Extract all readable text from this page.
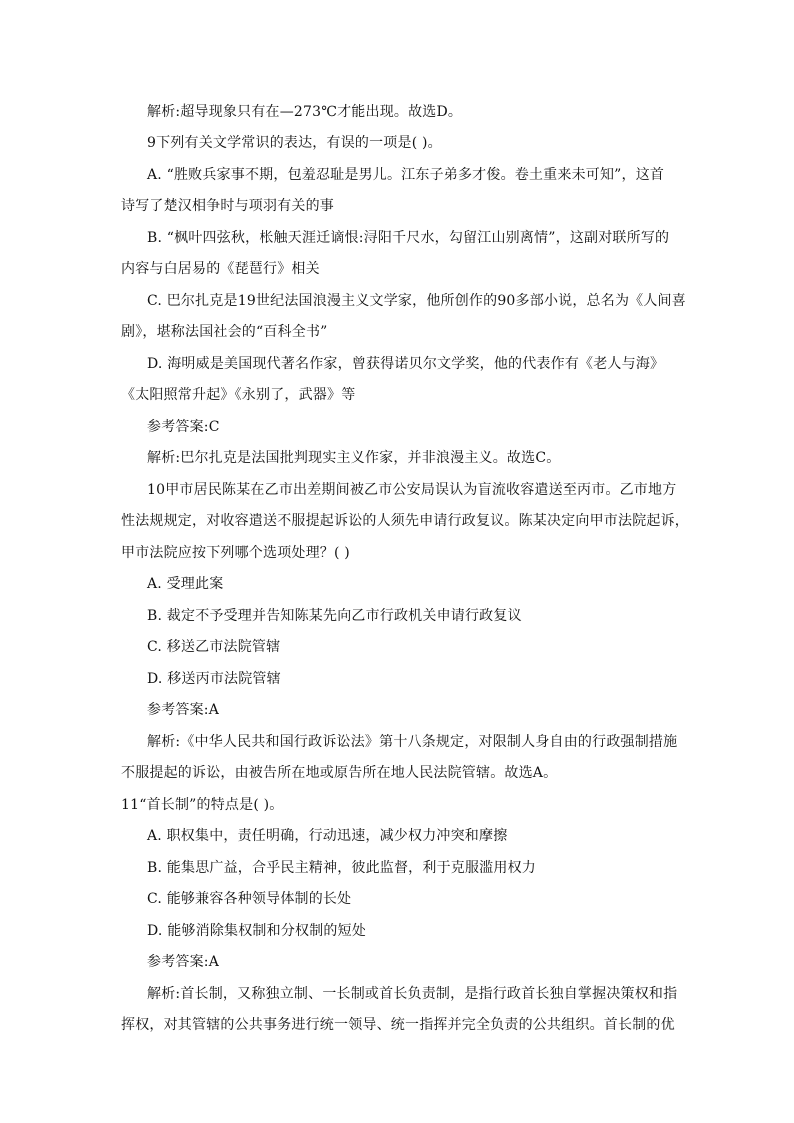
解析:超导现象只有在—273℃才能出现。故选D。
9下列有关文学常识的表达，有误的一项是( )。
A. “胜败兵家事不期，包羞忍耻是男儿。江东子弟多才俊。卷土重来未可知”，这首
诗写了楚汉相争时与项羽有关的事
B. “枫叶四弦秋，枨触天涯迁谪恨:浔阳千尺水，勾留江山别离情”，这副对联所写的
内容与白居易的《琵琶行》相关
C. 巴尔扎克是19世纪法国浪漫主义文学家，他所创作的90多部小说，总名为《人间喜
剧》，堪称法国社会的“百科全书”
D. 海明威是美国现代著名作家，曾获得诺贝尔文学奖，他的代表作有《老人与海》
《太阳照常升起》《永别了，武器》等
参考答案:C
解析:巴尔扎克是法国批判现实主义作家，并非浪漫主义。故选C。
10甲市居民陈某在乙市出差期间被乙市公安局误认为盲流收容遣送至丙市。乙市地方
性法规规定，对收容遣送不服提起诉讼的人须先申请行政复议。陈某决定向甲市法院起诉，
甲市法院应按下列哪个选项处理？( )
A. 受理此案
B. 裁定不予受理并告知陈某先向乙市行政机关申请行政复议
C. 移送乙市法院管辖
D. 移送丙市法院管辖
参考答案:A
解析:《中华人民共和国行政诉讼法》第十八条规定，对限制人身自由的行政强制措施
不服提起的诉讼，由被告所在地或原告所在地人民法院管辖。故选A。
11“首长制”的特点是( )。
A. 职权集中，责任明确，行动迅速，减少权力冲突和摩擦
B. 能集思广益，合乎民主精神，彼此监督，利于克服滥用权力
C. 能够兼容各种领导体制的长处
D. 能够消除集权制和分权制的短处
参考答案:A
解析:首长制，又称独立制、一长制或首长负责制，是指行政首长独自掌握决策权和指
挥权，对其管辖的公共事务进行统一领导、统一指挥并完全负责的公共组织。首长制的优
